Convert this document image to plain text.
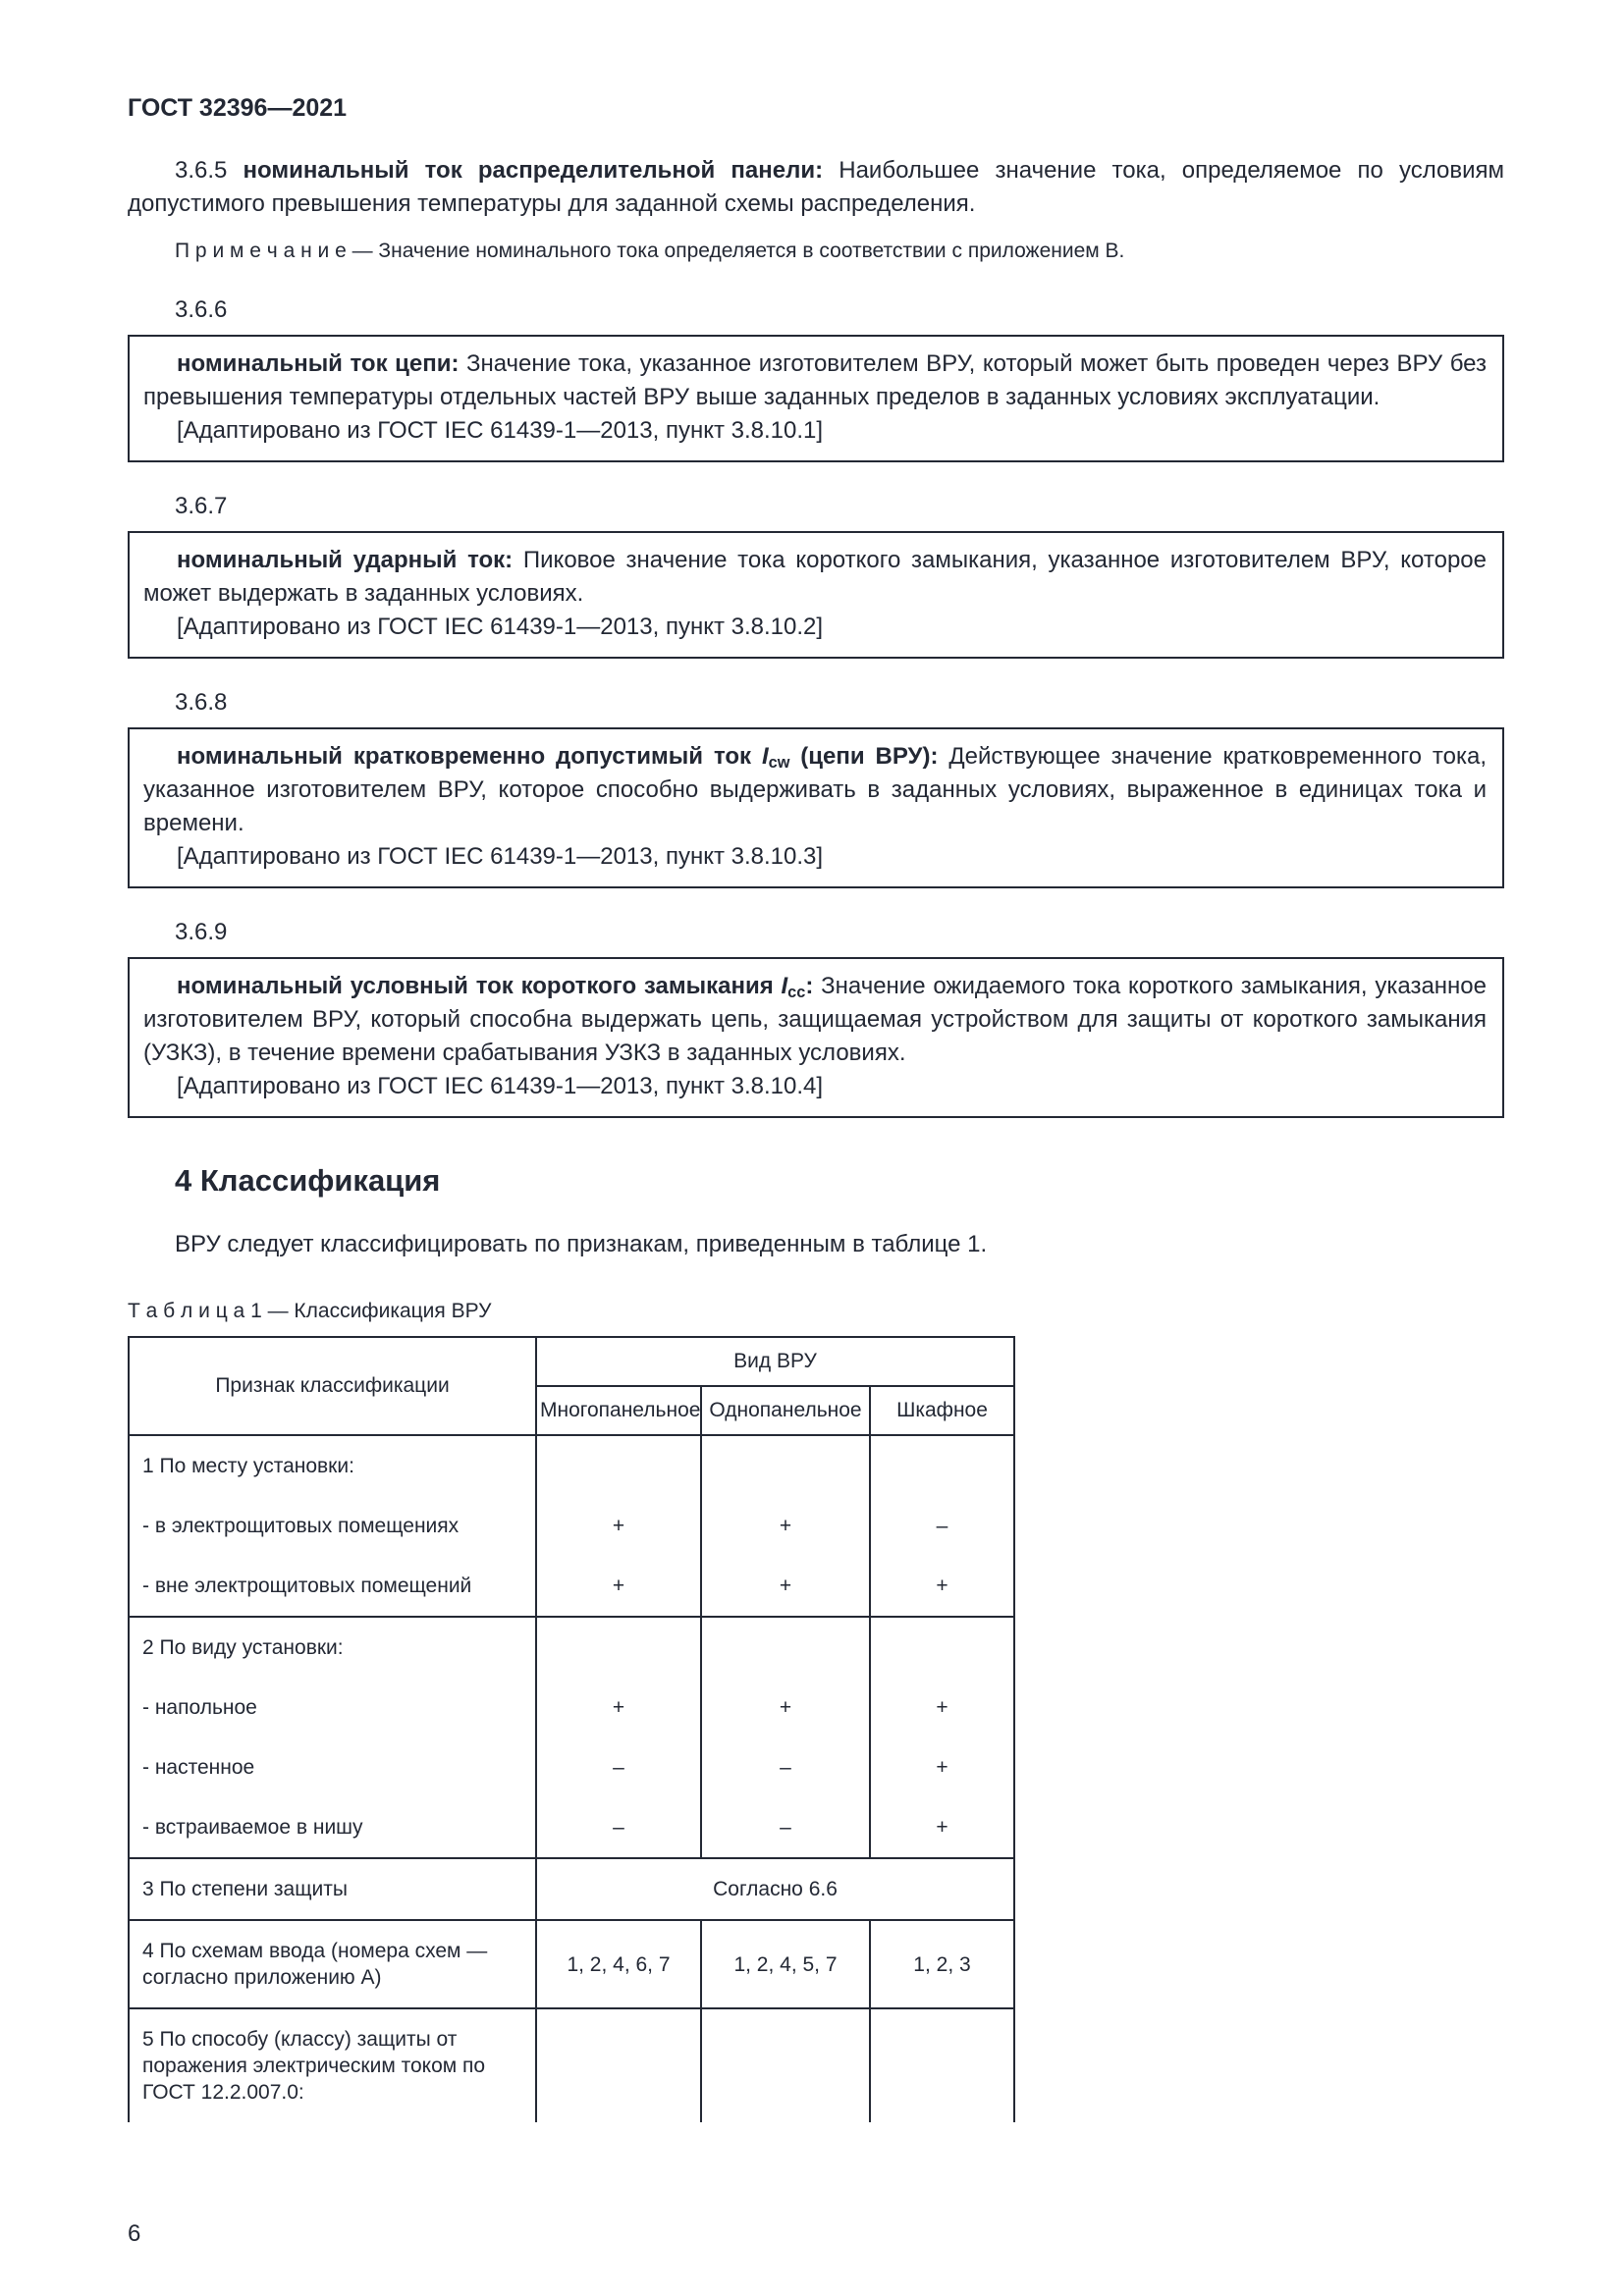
ГОСТ 32396—2021

3.6.5 номинальный ток распределительной панели: Наибольшее значение тока, определяемое по условиям допустимого превышения температуры для заданной схемы распределения.

П р и м е ч а н и е — Значение номинального тока определяется в соответствии с приложением В.

3.6.6

номинальный ток цепи: Значение тока, указанное изготовителем ВРУ, который может быть проведен через ВРУ без превышения температуры отдельных частей ВРУ выше заданных пределов в заданных условиях эксплуатации.

[Адаптировано из ГОСТ IEC 61439-1—2013, пункт 3.8.10.1]

3.6.7

номинальный ударный ток: Пиковое значение тока короткого замыкания, указанное изготовителем ВРУ, которое может выдержать в заданных условиях.

[Адаптировано из ГОСТ IEC 61439-1—2013, пункт 3.8.10.2]

3.6.8

номинальный кратковременно допустимый ток $I_{cw}$ (цепи ВРУ): Действующее значение кратковременного тока, указанное изготовителем ВРУ, которое способно выдерживать в заданных условиях, выраженное в единицах тока и времени.

[Адаптировано из ГОСТ IEC 61439-1—2013, пункт 3.8.10.3]

3.6.9

номинальный условный ток короткого замыкания $I_{cc}$: Значение ожидаемого тока короткого замыкания, указанное изготовителем ВРУ, который способна выдержать цепь, защищаемая устройством для защиты от короткого замыкания (УЗКЗ), в течение времени срабатывания УЗКЗ в заданных условиях.

[Адаптировано из ГОСТ IEC 61439-1—2013, пункт 3.8.10.4]

4 Классификация

ВРУ следует классифицировать по признакам, приведенным в таблице 1.

Т а б л и ц а 1 — Классификация ВРУ

Признак классификации	Вид ВРУ		
	Многопанельное	Однопанельное	Шкафное
1 По месту установки:			
- в электрощитовых помещениях	+	+	–
- вне электрощитовых помещений	+	+	+
2 По виду установки:			
- напольное	+	+	+
- настенное	–	–	+
- встраиваемое в нишу	–	–	+
3 По степени защиты	Согласно 6.6		
4 По схемам ввода (номера схем — согласно приложению А)	1, 2, 4, 6, 7	1, 2, 4, 5, 7	1, 2, 3
5 По способу (классу) защиты от поражения электрическим током по ГОСТ 12.2.007.0:			
6
